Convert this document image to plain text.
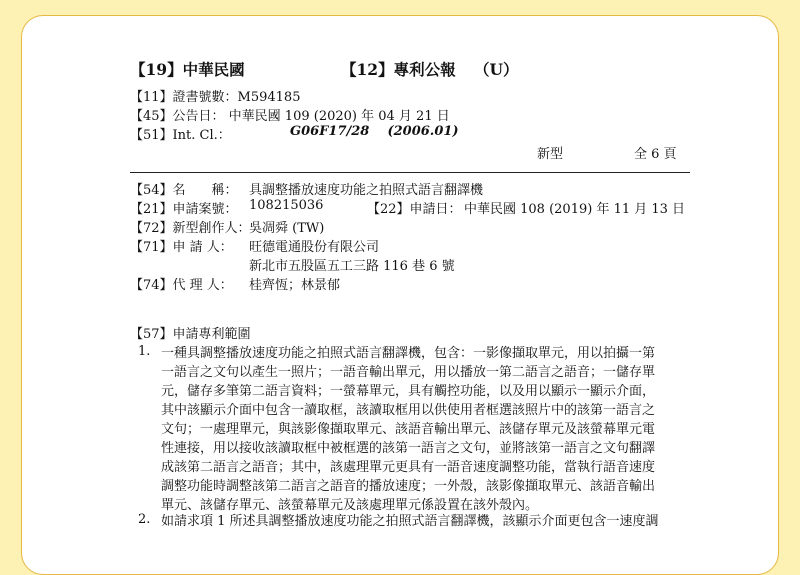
【19】中華民國	【12】專利公報 （U）
【11】證書號數：M594185
【45】公告日： 中華民國 109 (2020) 年 04 月 21 日
【51】Int. Cl.：	G06F17/28    (2006.01)
新型	全 6 頁
【54】名　　稱： 具調整播放速度功能之拍照式語言翻譯機
【21】申請案號： 108215036	【22】申請日： 中華民國 108 (2019) 年 11 月 13 日
【72】新型創作人：
吳凋舜 (TW)
【71】申 請 人： 旺德電通股份有限公司
新北市五股區五工三路 116 巷 6 號
【74】代 理 人： 桂齊恆；林景郁
【57】申請專利範圍
1. 一種具調整播放速度功能之拍照式語言翻譯機，包含：一影像擷取單元，用以拍攝一第
一語言之文句以產生一照片；一語音輸出單元，用以播放一第二語言之語音；一儲存單
元，儲存多筆第二語言資料；一螢幕單元，具有觸控功能，以及用以顯示一顯示介面，
其中該顯示介面中包含一讀取框，該讀取框用以供使用者框選該照片中的該第一語言之
文句；一處理單元，與該影像擷取單元、該語音輸出單元、該儲存單元及該螢幕單元電
性連接，用以接收該讀取框中被框選的該第一語言之文句，並將該第一語言之文句翻譯
成該第二語言之語音；其中，該處理單元更具有一語音速度調整功能，當執行語音速度
調整功能時調整該第二語言之語音的播放速度；一外殼，該影像擷取單元、該語音輸出
單元、該儲存單元、該螢幕單元及該處理單元係設置在該外殼內。
2. 如請求項 1 所述具調整播放速度功能之拍照式語言翻譯機，該顯示介面更包含一速度調
